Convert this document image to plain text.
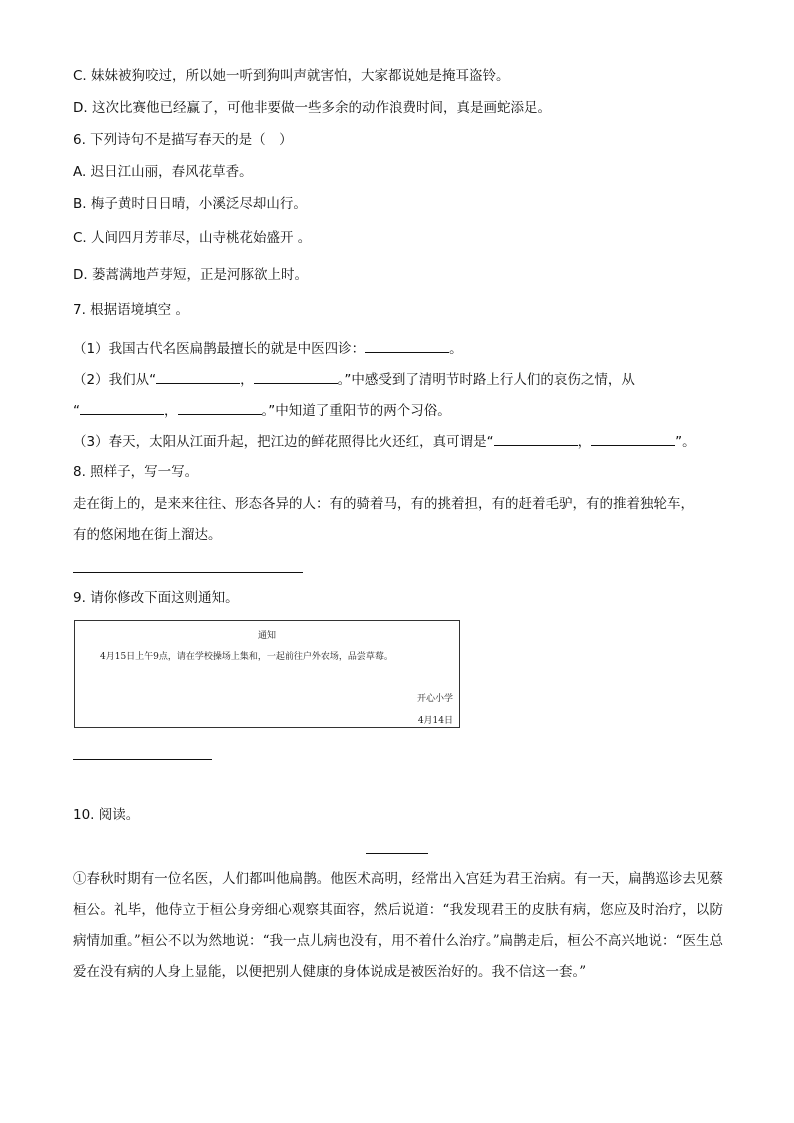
C. 妹妹被狗咬过，所以她一听到狗叫声就害怕，大家都说她是掩耳盗铃。
D. 这次比赛他已经赢了，可他非要做一些多余的动作浪费时间，真是画蛇添足。
6. 下列诗句不是描写春天的是（　）
A. 迟日江山丽，春风花草香。
B. 梅子黄时日日晴，小溪泛尽却山行。
C. 人间四月芳菲尽，山寺桃花始盛开 。
D. 蒌蒿满地芦芽短，正是河豚欲上时。
7. 根据语境填空 。
（1）我国古代名医扁鹊最擅长的就是中医四诊：	。
（2）我们从“	，	。”中感受到了清明节时路上行人们的哀伤之情，从
“	，	。”中知道了重阳节的两个习俗。
（3）春天，太阳从江面升起，把江边的鲜花照得比火还红，真可谓是“	，	”。
8. 照样子，写一写。
走在街上的，是来来往往、形态各异的人：有的骑着马，有的挑着担，有的赶着毛驴，有的推着独轮车，
有的悠闲地在街上溜达。
9. 请你修改下面这则通知。
通知
4月15日上午9点，请在学校操场上集和，一起前往户外农场，品尝草莓。
开心小学
4月14日
10. 阅读。
①春秋时期有一位名医，人们都叫他扁鹊。他医术高明，经常出入宫廷为君王治病。有一天，扁鹊巡诊去见蔡桓公。礼毕，他侍立于桓公身旁细心观察其面容，然后说道：“我发现君王的皮肤有病，您应及时治疗，以防病情加重。”桓公不以为然地说：“我一点儿病也没有，用不着什么治疗。”扁鹊走后，桓公不高兴地说：“医生总爱在没有病的人身上显能，以便把别人健康的身体说成是被医治好的。我不信这一套。”
